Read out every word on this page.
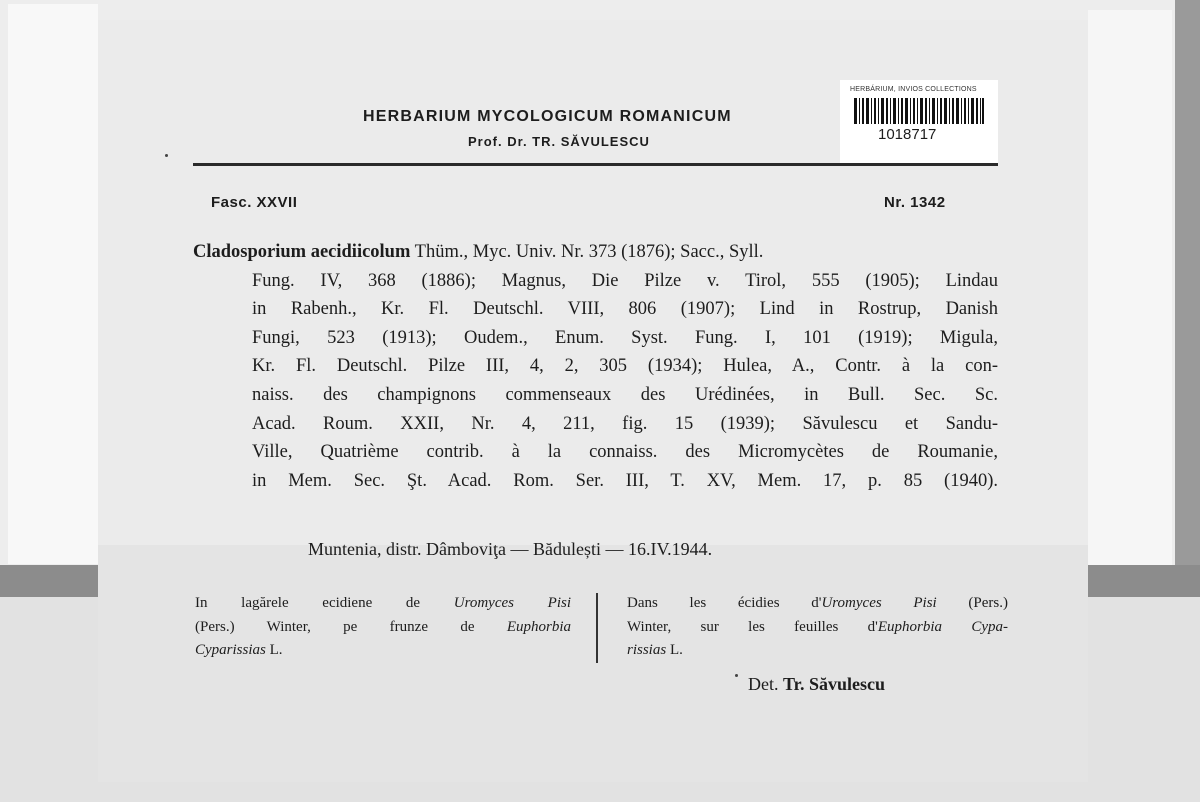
HERBARIUM MYCOLOGICUM ROMANICUM
Prof. Dr. TR. SĂVULESCU
HERBÁRIUM, INVIOS COLLECTIONS
1018717
Fasc. XXVII	Nr. 1342
Cladosporium aecidiicolum Thüm., Myc. Univ. Nr. 373 (1876); Sacc., Syll.
Fung. IV, 368 (1886); Magnus, Die Pilze v. Tirol, 555 (1905); Lindau
in Rabenh., Kr. Fl. Deutschl. VIII, 806 (1907); Lind in Rostrup, Danish
Fungi, 523 (1913); Oudem., Enum. Syst. Fung. I, 101 (1919); Migula,
Kr. Fl. Deutschl. Pilze III, 4, 2, 305 (1934); Hulea, A., Contr. à la con-
naiss. des champignons commenseaux des Urédinées, in Bull. Sec. Sc.
Acad. Roum. XXII, Nr. 4, 211, fig. 15 (1939); Săvulescu et Sandu-
Ville, Quatrième contrib. à la connaiss. des Micromycètes de Roumanie,
in Mem. Sec. Şt. Acad. Rom. Ser. III, T. XV, Mem. 17, p. 85 (1940).
Muntenia, distr. Dâmboviţa — Bădulești — 16.IV.1944.
In lagărele ecidiene de Uromyces Pisi
(Pers.) Winter, pe frunze de Euphorbia
Cyparissias L.
Dans les écidies d'Uromyces Pisi (Pers.)
Winter, sur les feuilles d'Euphorbia Cypa-
rissias L.
Det. Tr. Săvulescu
